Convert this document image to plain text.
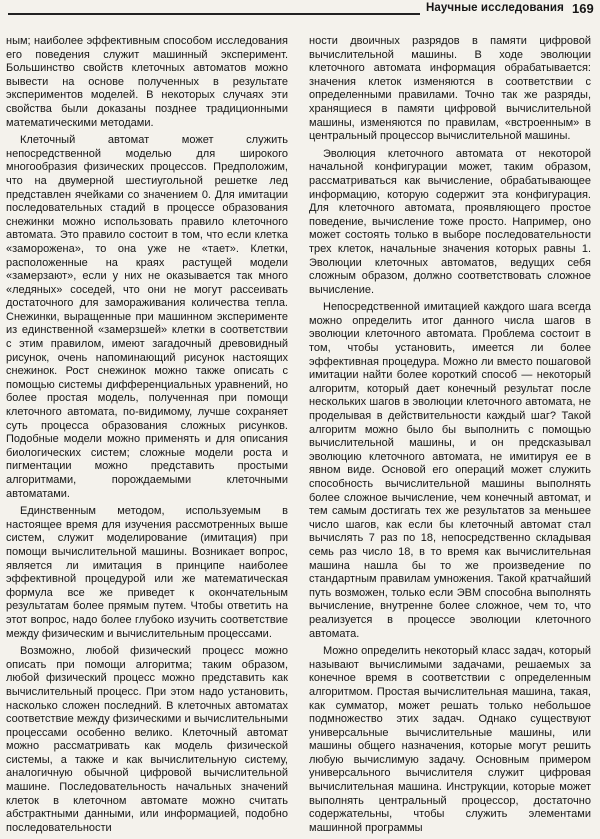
Научные исследования 169

ным; наиболее эффективным способом исследования его поведения служит машинный эксперимент. Большинство свойств клеточных автоматов можно вывести на основе полученных в результате экспериментов моделей. В некоторых случаях эти свойства были доказаны позднее традиционными математическими методами.

Клеточный автомат может служить непосредственной моделью для широкого многообразия физических процессов. Предположим, что на двумерной шестиугольной решетке лед представлен ячейками со значением 0. Для имитации последовательных стадий в процессе образования снежинки можно использовать правило клеточного автомата. Это правило состоит в том, что если клетка «заморожена», то она уже не «тает». Клетки, расположенные на краях растущей модели «замерзают», если у них не оказывается так много «ледяных» соседей, что они не могут рассеивать достаточного для замораживания количества тепла. Снежинки, выращенные при машинном эксперименте из единственной «замерзшей» клетки в соответствии с этим правилом, имеют загадочный древовидный рисунок, очень напоминающий рисунок настоящих снежинок. Рост снежинок можно также описать с помощью системы дифференциальных уравнений, но более простая модель, полученная при помощи клеточного автомата, по-видимому, лучше сохраняет суть процесса образования сложных рисунков. Подобные модели можно применять и для описания биологических систем; сложные модели роста и пигментации можно представить простыми алгоритмами, порождаемыми клеточными автоматами.

Единственным методом, используемым в настоящее время для изучения рассмотренных выше систем, служит моделирование (имитация) при помощи вычислительной машины. Возникает вопрос, является ли имитация в принципе наиболее эффективной процедурой или же математическая формула все же приведет к окончательным результатам более прямым путем. Чтобы ответить на этот вопрос, надо более глубоко изучить соответствие между физическим и вычислительным процессами.

Возможно, любой физический процесс можно описать при помощи алгоритма; таким образом, любой физический процесс можно представить как вычислительный процесс. При этом надо установить, насколько сложен последний. В клеточных автоматах соответствие между физическими и вычислительными процессами особенно велико. Клеточный автомат можно рассматривать как модель физической системы, а также и как вычислительную систему, аналогичную обычной цифровой вычислительной машине. Последовательность начальных значений клеток в клеточном автомате можно считать абстрактными данными, или информацией, подобно последовательности

ности двоичных разрядов в памяти цифровой вычислительной машины. В ходе эволюции клеточного автомата информация обрабатывается: значения клеток изменяются в соответствии с определенными правилами. Точно так же разряды, хранящиеся в памяти цифровой вычислительной машины, изменяются по правилам, «встроенным» в центральный процессор вычислительной машины.

Эволюция клеточного автомата от некоторой начальной конфигурации может, таким образом, рассматриваться как вычисление, обрабатывающее информацию, которую содержит эта конфигурация. Для клеточного автомата, проявляющего простое поведение, вычисление тоже просто. Например, оно может состоять только в выборе последовательности трех клеток, начальные значения которых равны 1. Эволюции клеточных автоматов, ведущих себя сложным образом, должно соответствовать сложное вычисление.

Непосредственной имитацией каждого шага всегда можно определить итог данного числа шагов в эволюции клеточного автомата. Проблема состоит в том, чтобы установить, имеется ли более эффективная процедура. Можно ли вместо пошаговой имитации найти более короткий способ — некоторый алгоритм, который дает конечный результат после нескольких шагов в эволюции клеточного автомата, не проделывая в действительности каждый шаг? Такой алгоритм можно было бы выполнить с помощью вычислительной машины, и он предсказывал эволюцию клеточного автомата, не имитируя ее в явном виде. Основой его операций может служить способность вычислительной машины выполнять более сложное вычисление, чем конечный автомат, и тем самым достигать тех же результатов за меньшее число шагов, как если бы клеточный автомат стал вычислять 7 раз по 18, непосредственно складывая семь раз число 18, в то время как вычислительная машина нашла бы то же произведение по стандартным правилам умножения. Такой кратчайший путь возможен, только если ЭВМ способна выполнять вычисление, внутренне более сложное, чем то, что реализуется в процессе эволюции клеточного автомата.

Можно определить некоторый класс задач, который называют вычислимыми задачами, решаемых за конечное время в соответствии с определенным алгоритмом. Простая вычислительная машина, такая, как сумматор, может решать только небольшое подмножество этих задач. Однако существуют универсальные вычислительные машины, или машины общего назначения, которые могут решить любую вычислимую задачу. Основным примером универсального вычислителя служит цифровая вычислительная машина. Инструкции, которые может выполнять центральный процессор, достаточно содержательны, чтобы служить элементами машинной программы
